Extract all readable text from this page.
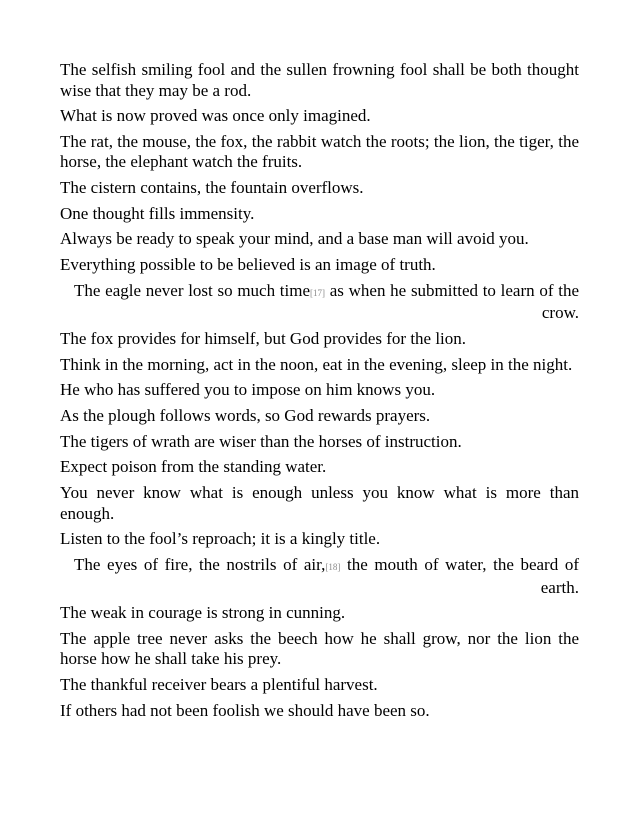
The selfish smiling fool and the sullen frowning fool shall be both thought wise that they may be a rod.

What is now proved was once only imagined.

The rat, the mouse, the fox, the rabbit watch the roots; the lion, the tiger, the horse, the elephant watch the fruits.

The cistern contains, the fountain overflows.

One thought fills immensity.

Always be ready to speak your mind, and a base man will avoid you.

Everything possible to be believed is an image of truth.

The eagle never lost so much time[17] as when he submitted to learn of the crow.

The fox provides for himself, but God provides for the lion.

Think in the morning, act in the noon, eat in the evening, sleep in the night.

He who has suffered you to impose on him knows you.

As the plough follows words, so God rewards prayers.

The tigers of wrath are wiser than the horses of instruction.

Expect poison from the standing water.

You never know what is enough unless you know what is more than enough.

Listen to the fool’s reproach; it is a kingly title.

The eyes of fire, the nostrils of air,[18] the mouth of water, the beard of earth.

The weak in courage is strong in cunning.

The apple tree never asks the beech how he shall grow, nor the lion the horse how he shall take his prey.

The thankful receiver bears a plentiful harvest.

If others had not been foolish we should have been so.
